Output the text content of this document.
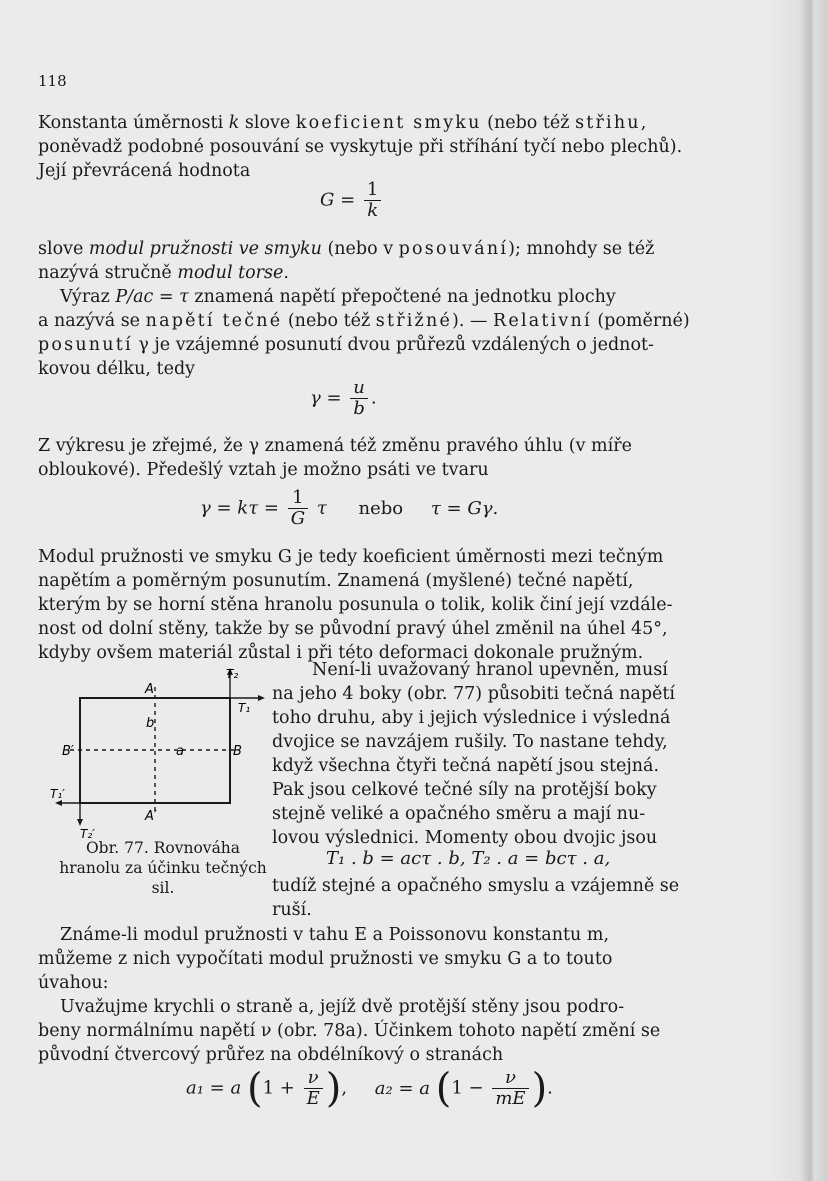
118
Konstanta úměrnosti k slove koeficient smyku (nebo též střihu,
poněvadž podobné posouvání se vyskytuje při stříhání tyčí nebo plechů).
Její převrácená hodnota
$G = \frac{1}{k}$
slove modul pružnosti ve smyku (nebo v posouvání); mnohdy se též
nazývá stručně modul torse.
Výraz P/ac = τ znamená napětí přepočtené na jednotku plochy
a nazývá se napětí tečné (nebo též střižné). — Relativní (poměrné)
posunutí γ je vzájemné posunutí dvou průřezů vzdálených o jednot-
kovou délku, tedy
$\gamma = \frac{u}{b}$ .
Z výkresu je zřejmé, že γ znamená též změnu pravého úhlu (v míře
obloukové). Předešlý vztah je možno psáti ve tvaru
$\gamma = k\tau = \frac{1}{G}$ τ nebo τ = Gγ.
Modul pružnosti ve smyku G je tedy koeficient úměrnosti mezi tečným
napětím a poměrným posunutím. Znamená (myšlené) tečné napětí,
kterým by se horní stěna hranolu posunula o tolik, kolik činí její vzdále-
nost od dolní stěny, takže by se původní pravý úhel změnil na úhel 45°,
kdyby ovšem materiál zůstal i při této deformaci dokonale pružným.
A
A′
B
B′
b
a
T₁
T₂
T₁′
T₂′
Obr. 77. Rovnováha hranolu za účinku tečných sil.
Není-li uvažovaný hranol upevněn, musí
na jeho 4 boky (obr. 77) působiti tečná napětí
toho druhu, aby i jejich výslednice i výsledná
dvojice se navzájem rušily. To nastane tehdy,
když všechna čtyři tečná napětí jsou stejná.
Pak jsou celkové tečné síly na protější boky
stejně veliké a opačného směru a mají nu-
lovou výslednici. Momenty obou dvojic jsou
T₁ . b = acτ . b, T₂ . a = bcτ . a,
tudíž stejné a opačného smyslu a vzájemně se
ruší.
Známe-li modul pružnosti v tahu E a Poissonovu konstantu m,
můžeme z nich vypočítati modul pružnosti ve smyku G a to touto
úvahou:
Uvažujme krychli o straně a, jejíž dvě protější stěny jsou podro-
beny normálnímu napětí ν (obr. 78a). Účinkem tohoto napětí změní se
původní čtvercový průřez na obdélníkový o stranách
a₁ = a ($1 + \frac{\nu}{E}$ ), a₂ = a ($1 - \frac{\nu}{mE}$ ).
